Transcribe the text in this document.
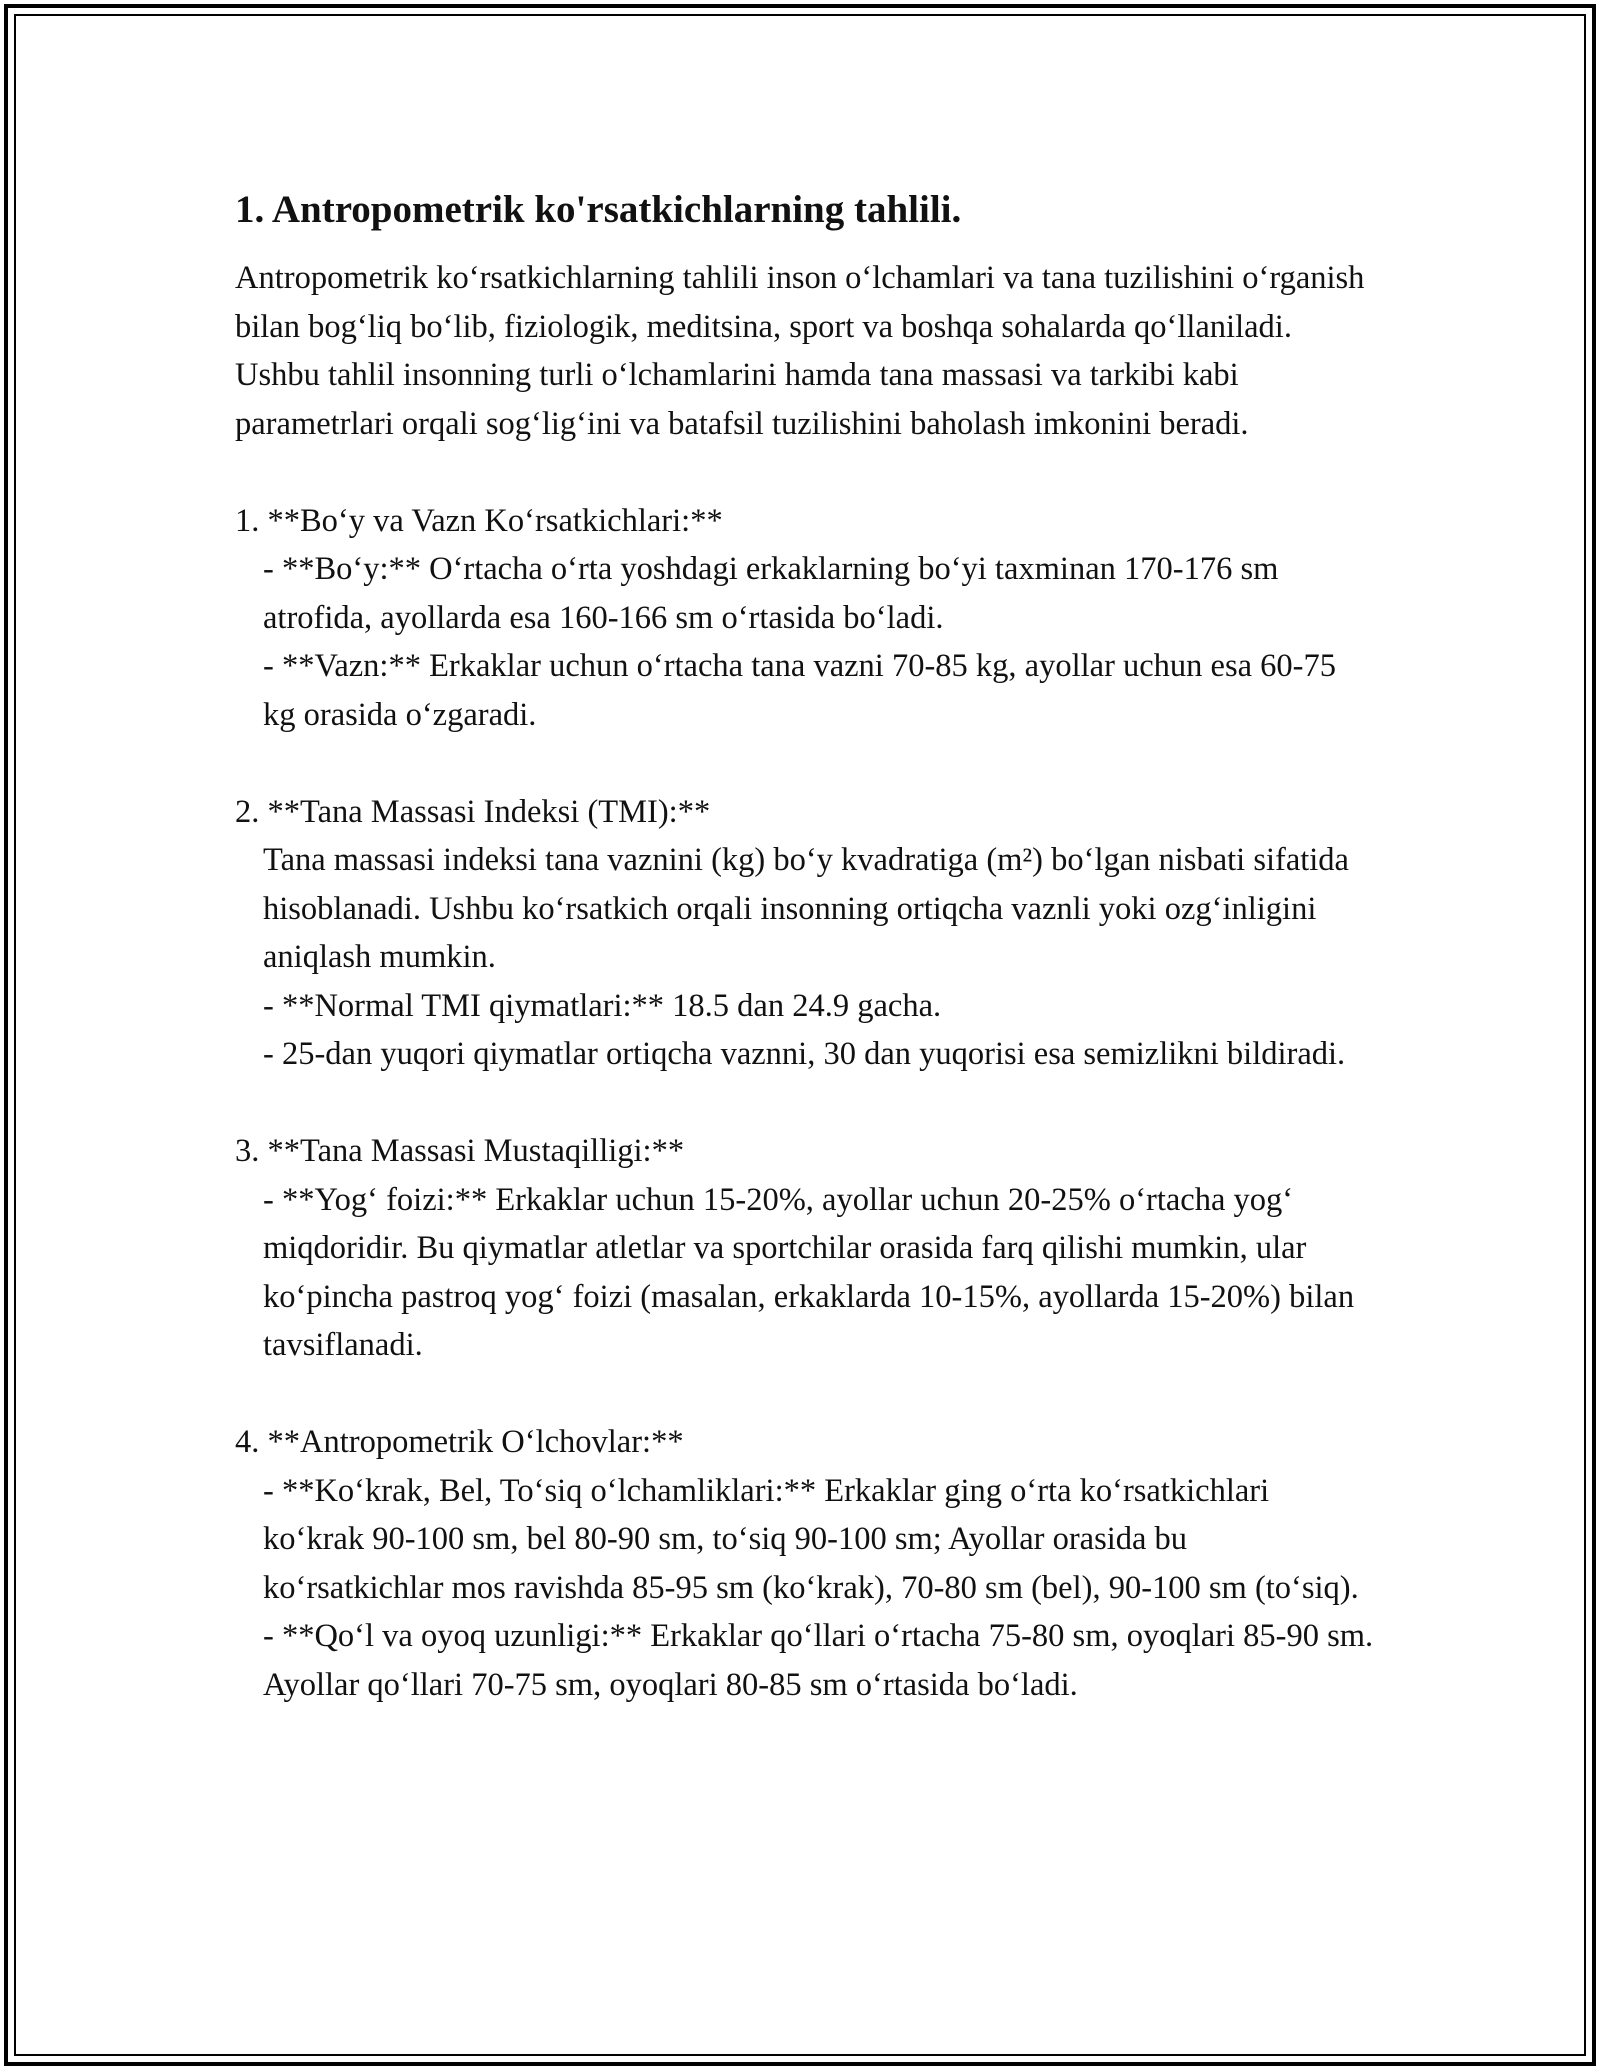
1. Antropometrik ko'rsatkichlarning tahlili.

Antropometrik ko‘rsatkichlarning tahlili inson o‘lchamlari va tana tuzilishini o‘rganish bilan bog‘liq bo‘lib, fiziologik, meditsina, sport va boshqa sohalarda qo‘llaniladi. Ushbu tahlil insonning turli o‘lchamlarini hamda tana massasi va tarkibi kabi parametrlari orqali sog‘lig‘ini va batafsil tuzilishini baholash imkonini beradi.

1. **Bo‘y va Vazn Ko‘rsatkichlari:**
- **Bo‘y:** O‘rtacha o‘rta yoshdagi erkaklarning bo‘yi taxminan 170-176 sm atrofida, ayollarda esa 160-166 sm o‘rtasida bo‘ladi.
- **Vazn:** Erkaklar uchun o‘rtacha tana vazni 70-85 kg, ayollar uchun esa 60-75 kg orasida o‘zgaradi.
2. **Tana Massasi Indeksi (TMI):**
Tana massasi indeksi tana vaznini (kg) bo‘y kvadratiga (m²) bo‘lgan nisbati sifatida hisoblanadi. Ushbu ko‘rsatkich orqali insonning ortiqcha vaznli yoki ozg‘inligini aniqlash mumkin.
- **Normal TMI qiymatlari:** 18.5 dan 24.9 gacha.
- 25-dan yuqori qiymatlar ortiqcha vaznni, 30 dan yuqorisi esa semizlikni bildiradi.
3. **Tana Massasi Mustaqilligi:**
- **Yog‘ foizi:** Erkaklar uchun 15-20%, ayollar uchun 20-25% o‘rtacha yog‘ miqdoridir. Bu qiymatlar atletlar va sportchilar orasida farq qilishi mumkin, ular ko‘pincha pastroq yog‘ foizi (masalan, erkaklarda 10-15%, ayollarda 15-20%) bilan tavsiflanadi.
4. **Antropometrik O‘lchovlar:**
- **Ko‘krak, Bel, To‘siq o‘lchamliklari:** Erkaklar ging o‘rta ko‘rsatkichlari ko‘krak 90-100 sm, bel 80-90 sm, to‘siq 90-100 sm; Ayollar orasida bu ko‘rsatkichlar mos ravishda 85-95 sm (ko‘krak), 70-80 sm (bel), 90-100 sm (to‘siq).
- **Qo‘l va oyoq uzunligi:** Erkaklar qo‘llari o‘rtacha 75-80 sm, oyoqlari 85-90 sm. Ayollar qo‘llari 70-75 sm, oyoqlari 80-85 sm o‘rtasida bo‘ladi.
